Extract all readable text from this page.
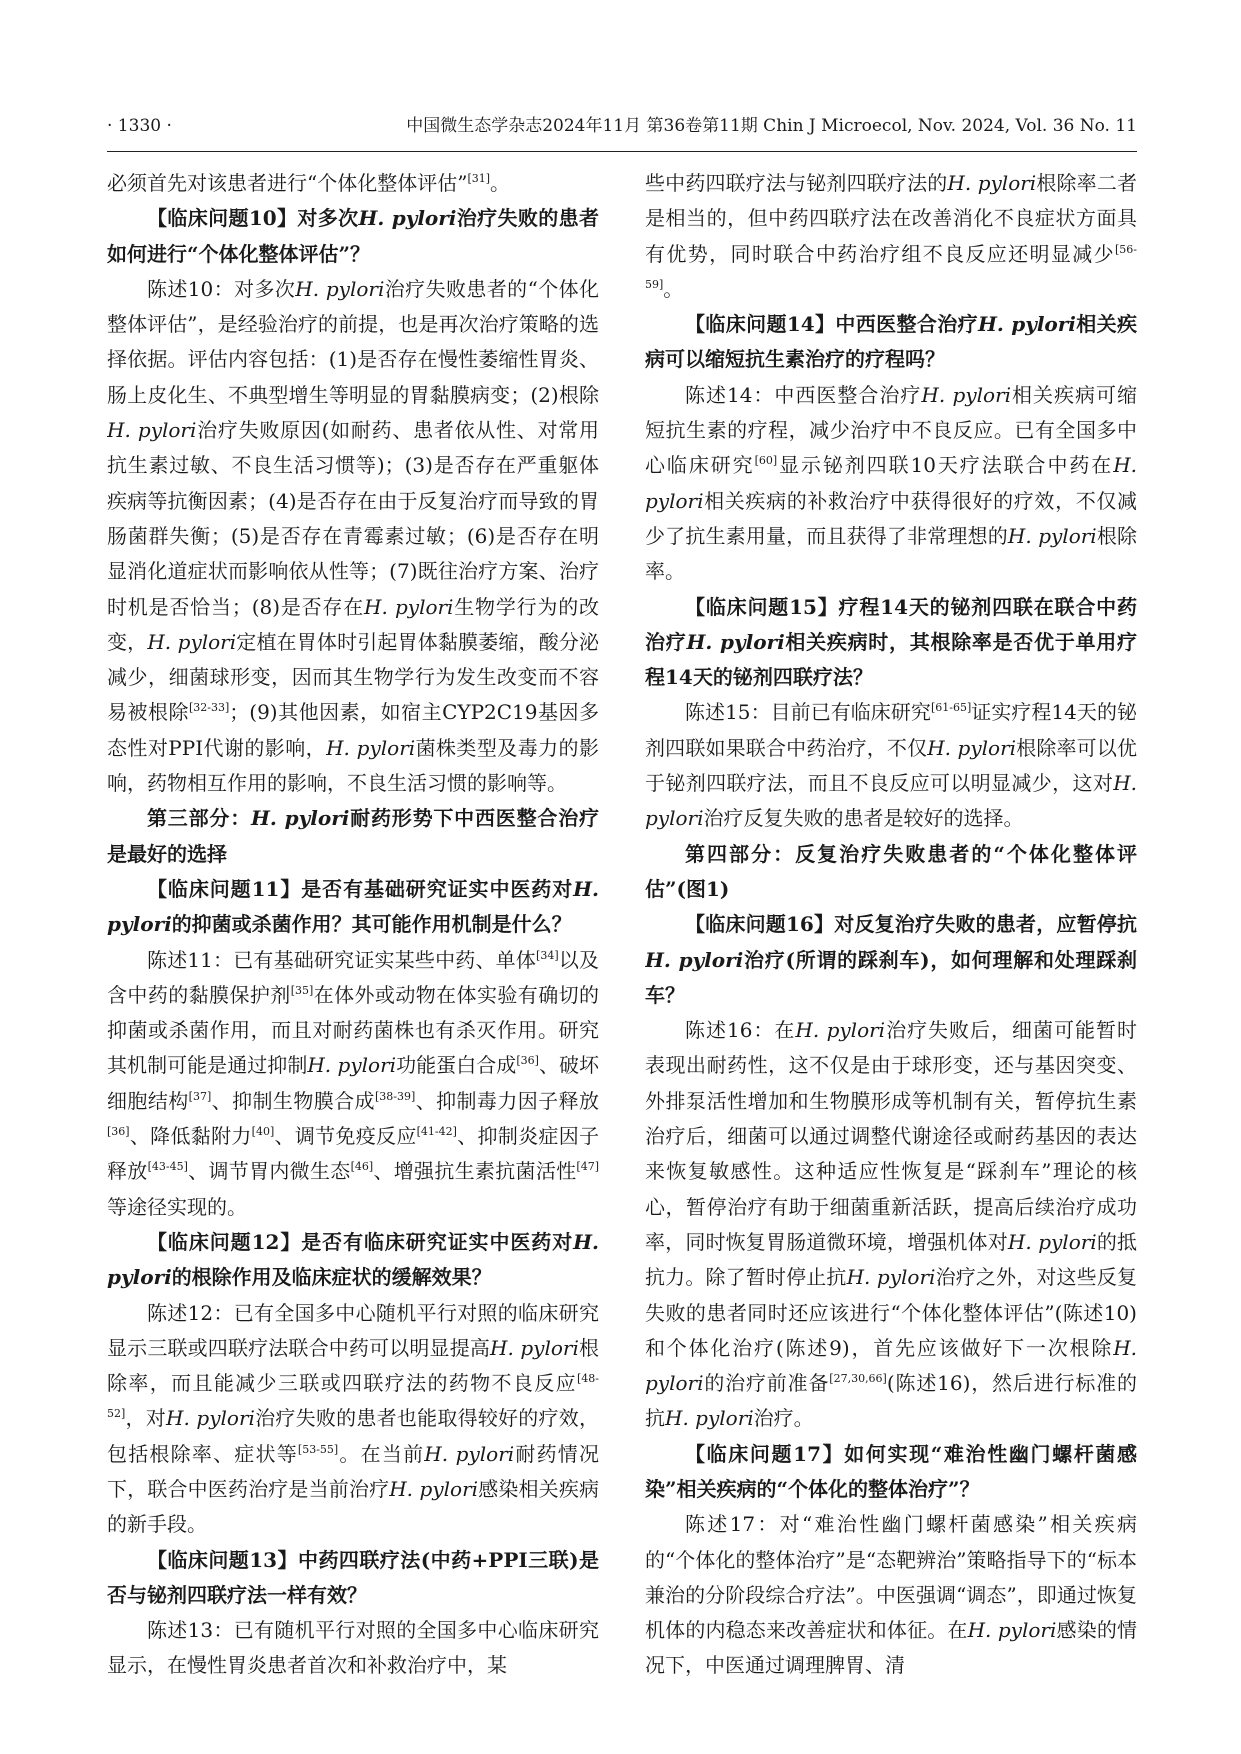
· 1330 ·	中国微生态学杂志2024年11月 第36卷第11期 Chin J Microecol, Nov. 2024, Vol. 36 No. 11

必须首先对该患者进行“个体化整体评估”[31]。

【临床问题10】对多次H. pylori治疗失败的患者如何进行“个体化整体评估”？

陈述10：对多次H. pylori治疗失败患者的“个体化整体评估”，是经验治疗的前提，也是再次治疗策略的选择依据。评估内容包括：(1)是否存在慢性萎缩性胃炎、肠上皮化生、不典型增生等明显的胃黏膜病变；(2)根除H. pylori治疗失败原因(如耐药、患者依从性、对常用抗生素过敏、不良生活习惯等)；(3)是否存在严重躯体疾病等抗衡因素；(4)是否存在由于反复治疗而导致的胃肠菌群失衡；(5)是否存在青霉素过敏；(6)是否存在明显消化道症状而影响依从性等；(7)既往治疗方案、治疗时机是否恰当；(8)是否存在H. pylori生物学行为的改变，H. pylori定植在胃体时引起胃体黏膜萎缩，酸分泌减少，细菌球形变，因而其生物学行为发生改变而不容易被根除[32-33]；(9)其他因素，如宿主CYP2C19基因多态性对PPI代谢的影响，H. pylori菌株类型及毒力的影响，药物相互作用的影响，不良生活习惯的影响等。

第三部分：H. pylori耐药形势下中西医整合治疗是最好的选择

【临床问题11】是否有基础研究证实中医药对H. pylori的抑菌或杀菌作用？其可能作用机制是什么？

陈述11：已有基础研究证实某些中药、单体[34]以及含中药的黏膜保护剂[35]在体外或动物在体实验有确切的抑菌或杀菌作用，而且对耐药菌株也有杀灭作用。研究其机制可能是通过抑制H. pylori功能蛋白合成[36]、破坏细胞结构[37]、抑制生物膜合成[38-39]、抑制毒力因子释放[36]、降低黏附力[40]、调节免疫反应[41-42]、抑制炎症因子释放[43-45]、调节胃内微生态[46]、增强抗生素抗菌活性[47]等途径实现的。

【临床问题12】是否有临床研究证实中医药对H. pylori的根除作用及临床症状的缓解效果？

陈述12：已有全国多中心随机平行对照的临床研究显示三联或四联疗法联合中药可以明显提高H. pylori根除率，而且能减少三联或四联疗法的药物不良反应[48-52]，对H. pylori治疗失败的患者也能取得较好的疗效，包括根除率、症状等[53-55]。在当前H. pylori耐药情况下，联合中医药治疗是当前治疗H. pylori感染相关疾病的新手段。

【临床问题13】中药四联疗法(中药+PPI三联)是否与铋剂四联疗法一样有效？

陈述13：已有随机平行对照的全国多中心临床研究显示，在慢性胃炎患者首次和补救治疗中，某

些中药四联疗法与铋剂四联疗法的H. pylori根除率二者是相当的，但中药四联疗法在改善消化不良症状方面具有优势，同时联合中药治疗组不良反应还明显减少[56-59]。

【临床问题14】中西医整合治疗H. pylori相关疾病可以缩短抗生素治疗的疗程吗？

陈述14：中西医整合治疗H. pylori相关疾病可缩短抗生素的疗程，减少治疗中不良反应。已有全国多中心临床研究[60]显示铋剂四联10天疗法联合中药在H. pylori相关疾病的补救治疗中获得很好的疗效，不仅减少了抗生素用量，而且获得了非常理想的H. pylori根除率。

【临床问题15】疗程14天的铋剂四联在联合中药治疗H. pylori相关疾病时，其根除率是否优于单用疗程14天的铋剂四联疗法？

陈述15：目前已有临床研究[61-65]证实疗程14天的铋剂四联如果联合中药治疗，不仅H. pylori根除率可以优于铋剂四联疗法，而且不良反应可以明显减少，这对H. pylori治疗反复失败的患者是较好的选择。

第四部分：反复治疗失败患者的“个体化整体评估”(图1)

【临床问题16】对反复治疗失败的患者，应暂停抗H. pylori治疗(所谓的踩刹车)，如何理解和处理踩刹车？

陈述16：在H. pylori治疗失败后，细菌可能暂时表现出耐药性，这不仅是由于球形变，还与基因突变、外排泵活性增加和生物膜形成等机制有关，暂停抗生素治疗后，细菌可以通过调整代谢途径或耐药基因的表达来恢复敏感性。这种适应性恢复是“踩刹车”理论的核心，暂停治疗有助于细菌重新活跃，提高后续治疗成功率，同时恢复胃肠道微环境，增强机体对H. pylori的抵抗力。除了暂时停止抗H. pylori治疗之外，对这些反复失败的患者同时还应该进行“个体化整体评估”(陈述10)和个体化治疗(陈述9)，首先应该做好下一次根除H. pylori的治疗前准备[27,30,66](陈述16)，然后进行标准的抗H. pylori治疗。

【临床问题17】如何实现“难治性幽门螺杆菌感染”相关疾病的“个体化的整体治疗”？

陈述17：对“难治性幽门螺杆菌感染”相关疾病的“个体化的整体治疗”是“态靶辨治”策略指导下的“标本兼治的分阶段综合疗法”。中医强调“调态”，即通过恢复机体的内稳态来改善症状和体征。在H. pylori感染的情况下，中医通过调理脾胃、清
